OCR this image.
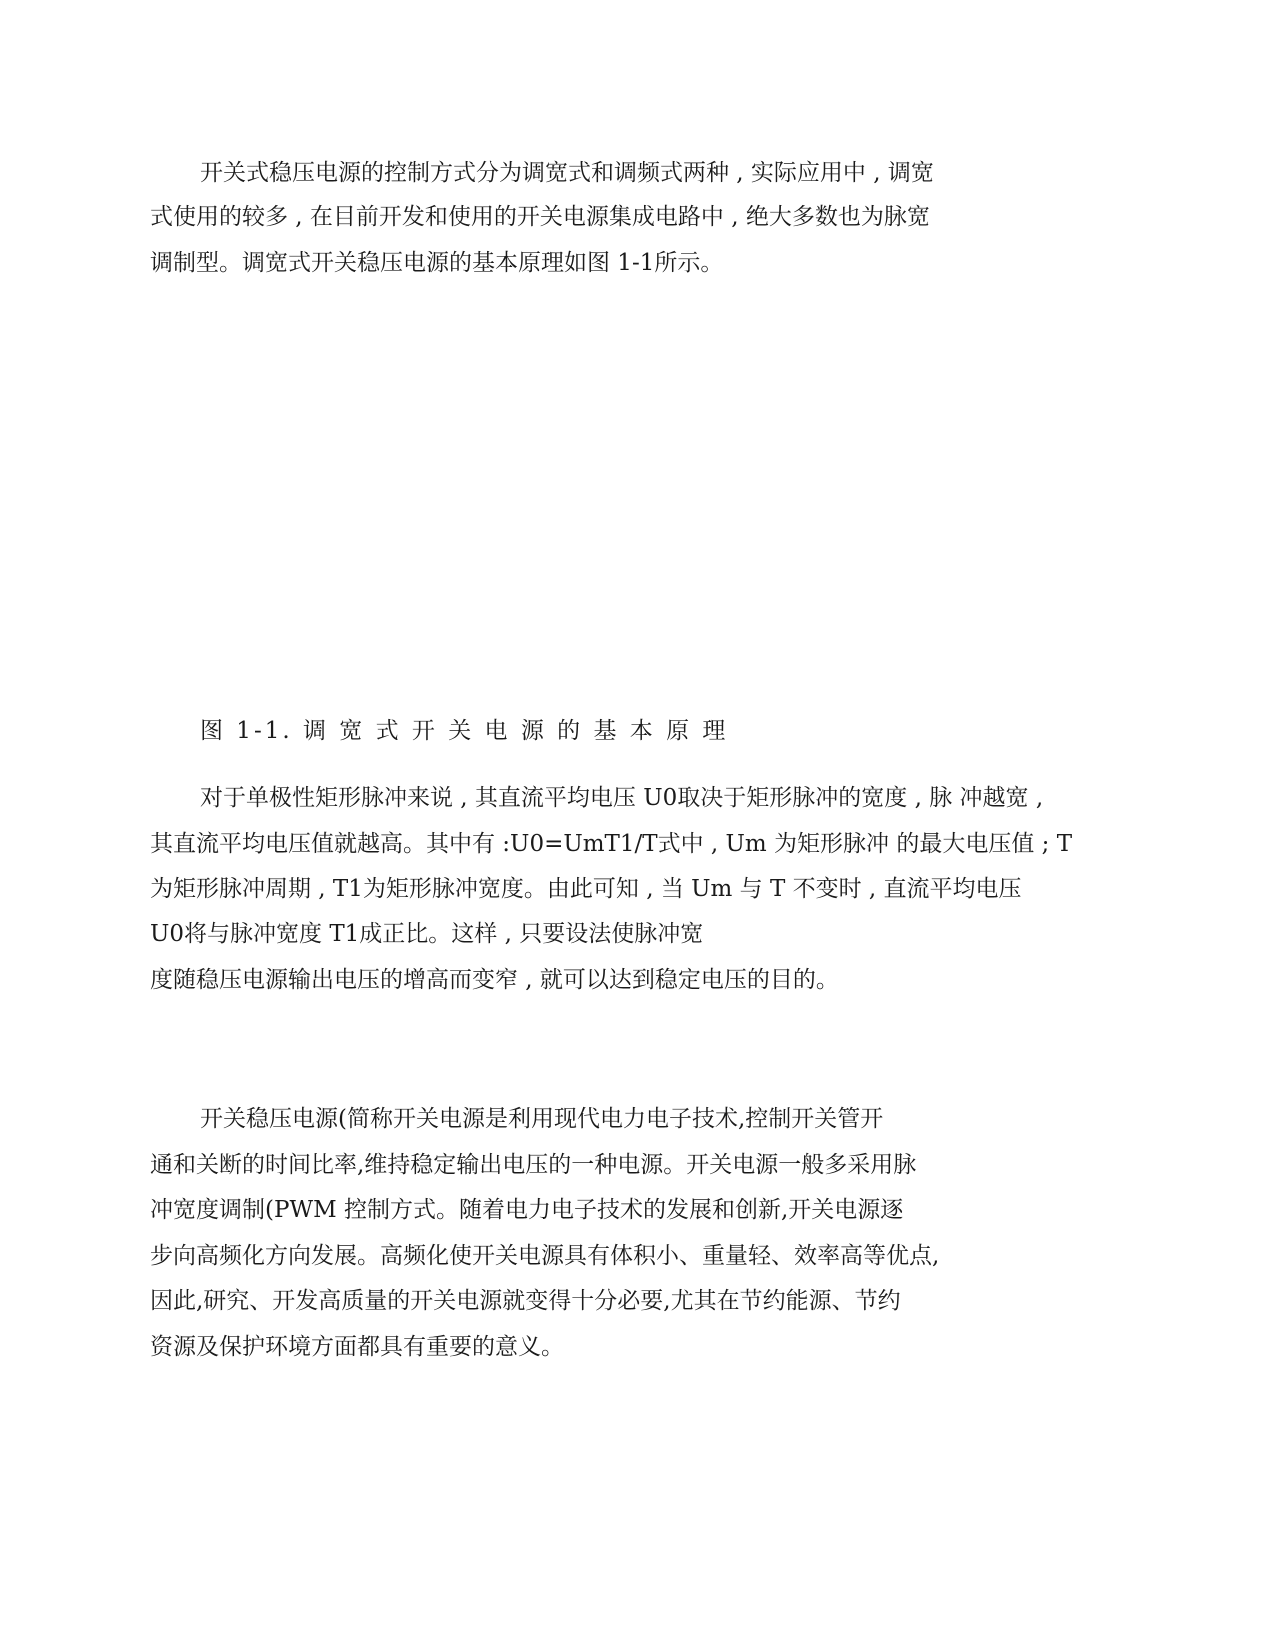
开关式稳压电源的控制方式分为调宽式和调频式两种 , 实际应用中 , 调宽
式使用的较多 , 在目前开发和使用的开关电源集成电路中 , 绝大多数也为脉宽
调制型。调宽式开关稳压电源的基本原理如图 1-1所示。
图 1-1. 调 宽 式 开 关 电 源 的 基 本 原 理
对于单极性矩形脉冲来说 , 其直流平均电压 U0取决于矩形脉冲的宽度 , 脉 冲越宽 ,
其直流平均电压值就越高。其中有 :U0=UmT1/T式中 , Um 为矩形脉冲 的最大电压值 ; T
为矩形脉冲周期 , T1为矩形脉冲宽度。由此可知 , 当 Um 与 T 不变时 , 直流平均电压
U0将与脉冲宽度 T1成正比。这样 , 只要设法使脉冲宽
度随稳压电源输出电压的增高而变窄 , 就可以达到稳定电压的目的。
开关稳压电源(简称开关电源是利用现代电力电子技术,控制开关管开
通和关断的时间比率,维持稳定输出电压的一种电源。开关电源一般多采用脉
冲宽度调制(PWM 控制方式。随着电力电子技术的发展和创新,开关电源逐
步向高频化方向发展。高频化使开关电源具有体积小、重量轻、效率高等优点,
因此,研究、开发高质量的开关电源就变得十分必要,尤其在节约能源、节约
资源及保护环境方面都具有重要的意义。
